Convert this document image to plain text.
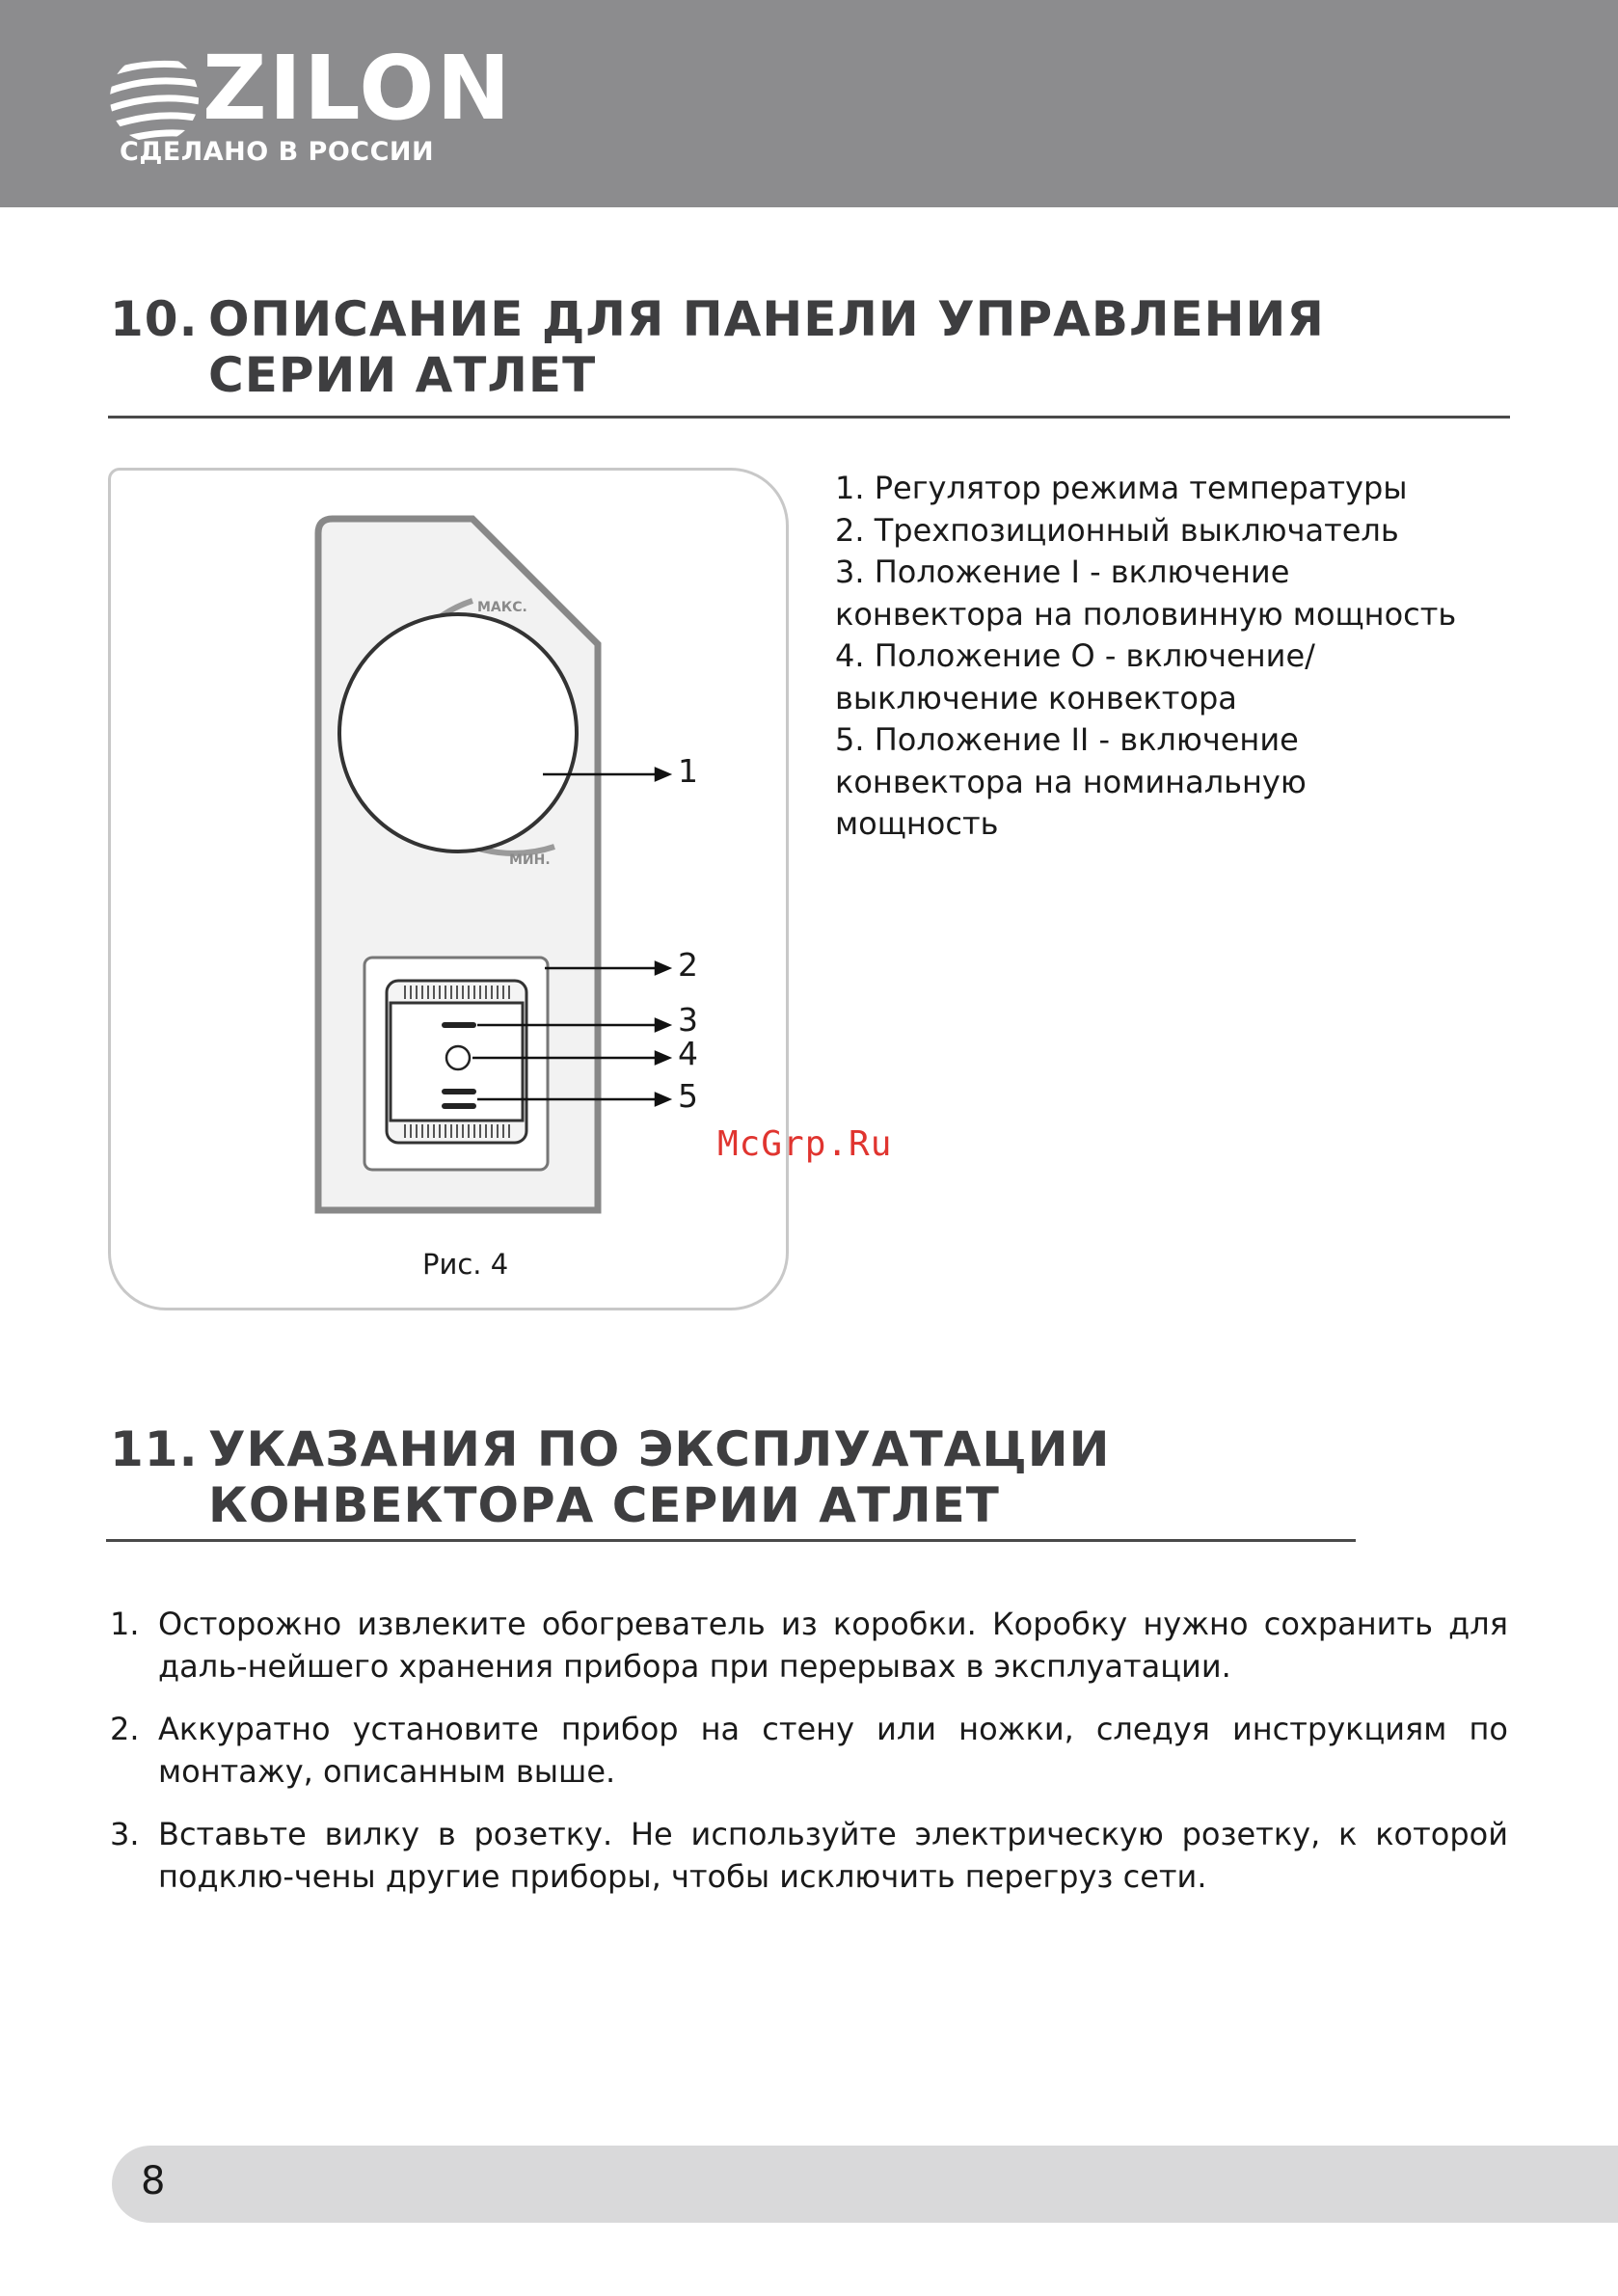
ZILON
СДЕЛАНО В РОССИИ
10. ОПИСАНИЕ ДЛЯ ПАНЕЛИ УПРАВЛЕНИЯ
СЕРИИ АТЛЕТ
МАКС.
МИН.
1
2
3
4
5
Рис. 4
1. Регулятор режима температуры
2. Трехпозиционный выключатель
3. Положение I - включение
конвектора на половинную мощность
4. Положение О - включение/
выключение конвектора
5. Положение II - включение
конвектора на номинальную
мощность
McGrp.Ru
11. УКАЗАНИЯ ПО ЭКСПЛУАТАЦИИ
КОНВЕКТОРА СЕРИИ АТЛЕТ
1. Осторожно извлеките обогреватель из коробки. Коробку нужно сохранить для даль-нейшего хранения прибора при перерывах в эксплуатации.
2. Аккуратно установите прибор на стену или ножки, следуя инструкциям по монтажу, описанным выше.
3. Вставьте вилку в розетку. Не используйте электрическую розетку, к которой подклю-чены другие приборы, чтобы исключить перегруз сети.
8
